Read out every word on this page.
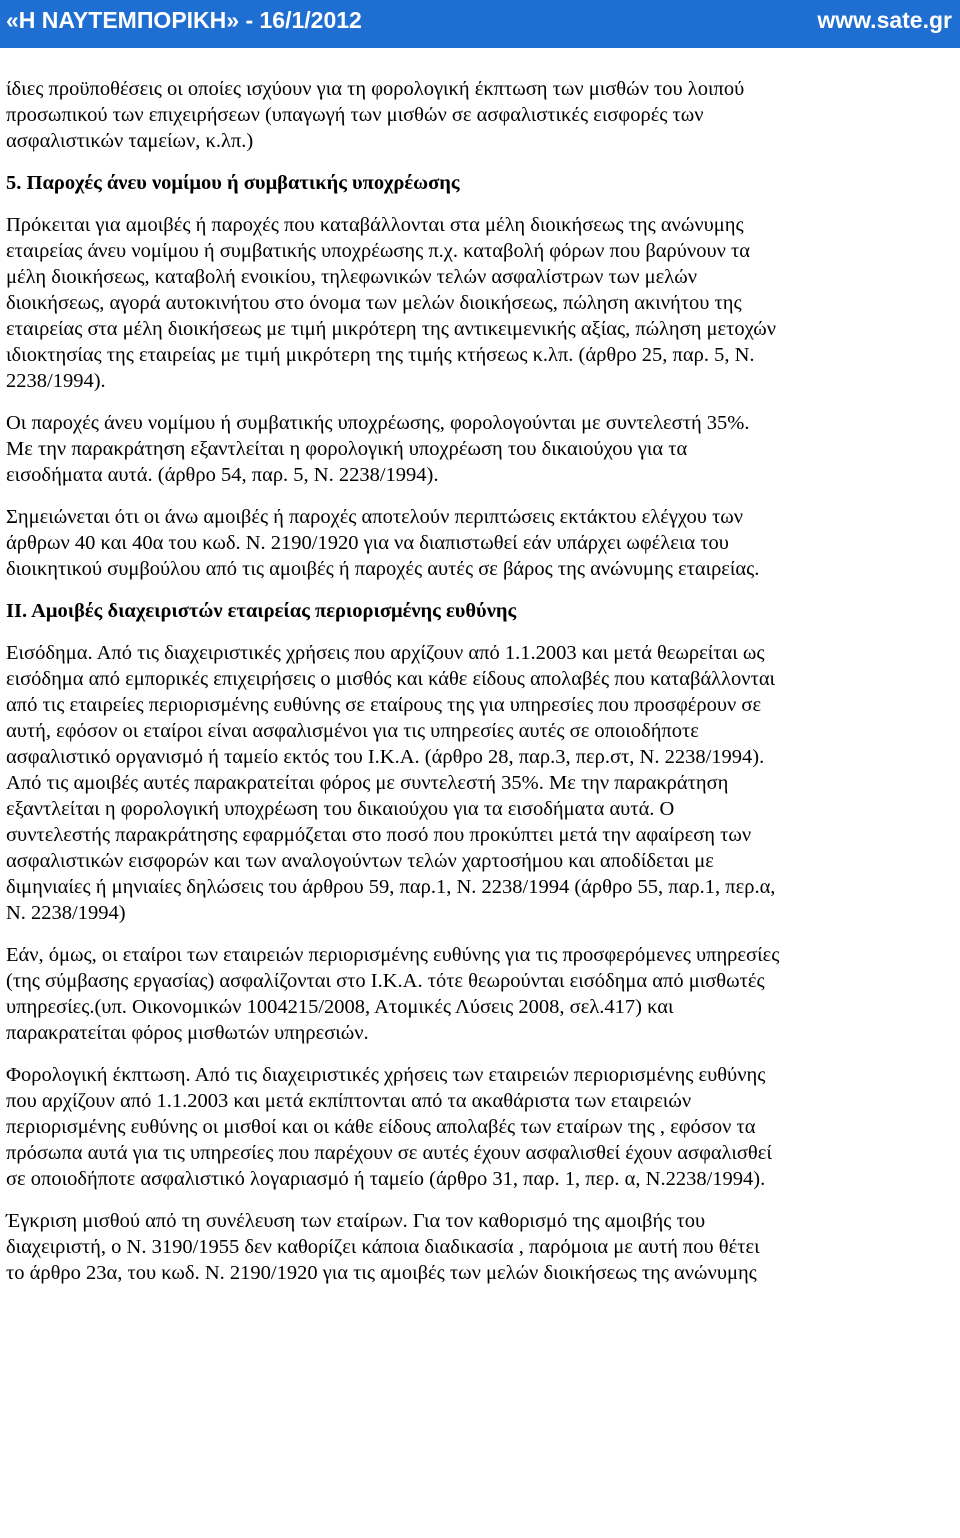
«Η ΝΑΥΤΕΜΠΟΡΙΚΗ» - 16/1/2012	www.sate.gr
ίδιες προϋποθέσεις οι οποίες ισχύουν για τη φορολογική έκπτωση των μισθών του λοιπού
προσωπικού των επιχειρήσεων (υπαγωγή των μισθών σε ασφαλιστικές εισφορές των
ασφαλιστικών ταμείων, κ.λπ.)
5. Παροχές άνευ νομίμου ή συμβατικής υποχρέωσης
Πρόκειται για αμοιβές ή παροχές που καταβάλλονται στα μέλη διοικήσεως της ανώνυμης
εταιρείας άνευ νομίμου ή συμβατικής υποχρέωσης π.χ. καταβολή φόρων που βαρύνουν τα
μέλη διοικήσεως, καταβολή ενοικίου, τηλεφωνικών τελών ασφαλίστρων των μελών
διοικήσεως, αγορά αυτοκινήτου στο όνομα των μελών διοικήσεως, πώληση ακινήτου της
εταιρείας στα μέλη διοικήσεως με τιμή μικρότερη της αντικειμενικής αξίας, πώληση μετοχών
ιδιοκτησίας της εταιρείας με τιμή μικρότερη της τιμής κτήσεως κ.λπ. (άρθρο 25, παρ. 5, Ν.
2238/1994).
Οι παροχές άνευ νομίμου ή συμβατικής υποχρέωσης, φορολογούνται με συντελεστή 35%.
Με την παρακράτηση εξαντλείται η φορολογική υποχρέωση του δικαιούχου για τα
εισοδήματα αυτά. (άρθρο 54, παρ. 5, Ν. 2238/1994).
Σημειώνεται ότι οι άνω αμοιβές ή παροχές αποτελούν περιπτώσεις εκτάκτου ελέγχου των
άρθρων 40 και 40α του κωδ. Ν. 2190/1920 για να διαπιστωθεί εάν υπάρχει ωφέλεια του
διοικητικού συμβούλου από τις αμοιβές ή παροχές αυτές σε βάρος της ανώνυμης εταιρείας.
ΙΙ. Αμοιβές διαχειριστών εταιρείας περιορισμένης ευθύνης
Εισόδημα. Από τις διαχειριστικές χρήσεις που αρχίζουν από 1.1.2003 και μετά θεωρείται ως
εισόδημα από εμπορικές επιχειρήσεις ο μισθός και κάθε είδους απολαβές που καταβάλλονται
από τις εταιρείες περιορισμένης ευθύνης σε εταίρους της για υπηρεσίες που προσφέρουν σε
αυτή, εφόσον οι εταίροι είναι ασφαλισμένοι για τις υπηρεσίες αυτές σε οποιοδήποτε
ασφαλιστικό οργανισμό ή ταμείο εκτός του Ι.Κ.Α. (άρθρο 28, παρ.3, περ.στ, Ν. 2238/1994).
Από τις αμοιβές αυτές παρακρατείται φόρος με συντελεστή 35%. Με την παρακράτηση
εξαντλείται η φορολογική υποχρέωση του δικαιούχου για τα εισοδήματα αυτά. Ο
συντελεστής παρακράτησης εφαρμόζεται στο ποσό που προκύπτει μετά την αφαίρεση των
ασφαλιστικών εισφορών και των αναλογούντων τελών χαρτοσήμου και αποδίδεται με
διμηνιαίες ή μηνιαίες δηλώσεις του άρθρου 59, παρ.1, Ν. 2238/1994 (άρθρο 55, παρ.1, περ.α,
Ν. 2238/1994)
Εάν, όμως, οι εταίροι των εταιρειών περιορισμένης ευθύνης για τις προσφερόμενες υπηρεσίες
(της σύμβασης εργασίας) ασφαλίζονται στο Ι.Κ.Α. τότε θεωρούνται εισόδημα από μισθωτές
υπηρεσίες.(υπ. Οικονομικών 1004215/2008, Ατομικές Λύσεις 2008, σελ.417) και
παρακρατείται φόρος μισθωτών υπηρεσιών.
Φορολογική έκπτωση. Από τις διαχειριστικές χρήσεις των εταιρειών περιορισμένης ευθύνης
που αρχίζουν από 1.1.2003 και μετά εκπίπτονται από τα ακαθάριστα των εταιρειών
περιορισμένης ευθύνης οι μισθοί και οι κάθε είδους απολαβές των εταίρων της , εφόσον τα
πρόσωπα αυτά για τις υπηρεσίες που παρέχουν σε αυτές έχουν ασφαλισθεί έχουν ασφαλισθεί
σε οποιοδήποτε ασφαλιστικό λογαριασμό ή ταμείο (άρθρο 31, παρ. 1, περ. α, Ν.2238/1994).
Έγκριση μισθού από τη συνέλευση των εταίρων. Για τον καθορισμό της αμοιβής του
διαχειριστή, ο Ν. 3190/1955 δεν καθορίζει κάποια διαδικασία , παρόμοια με αυτή που θέτει
το άρθρο 23α, του κωδ. Ν. 2190/1920 για τις αμοιβές των μελών διοικήσεως της ανώνυμης
